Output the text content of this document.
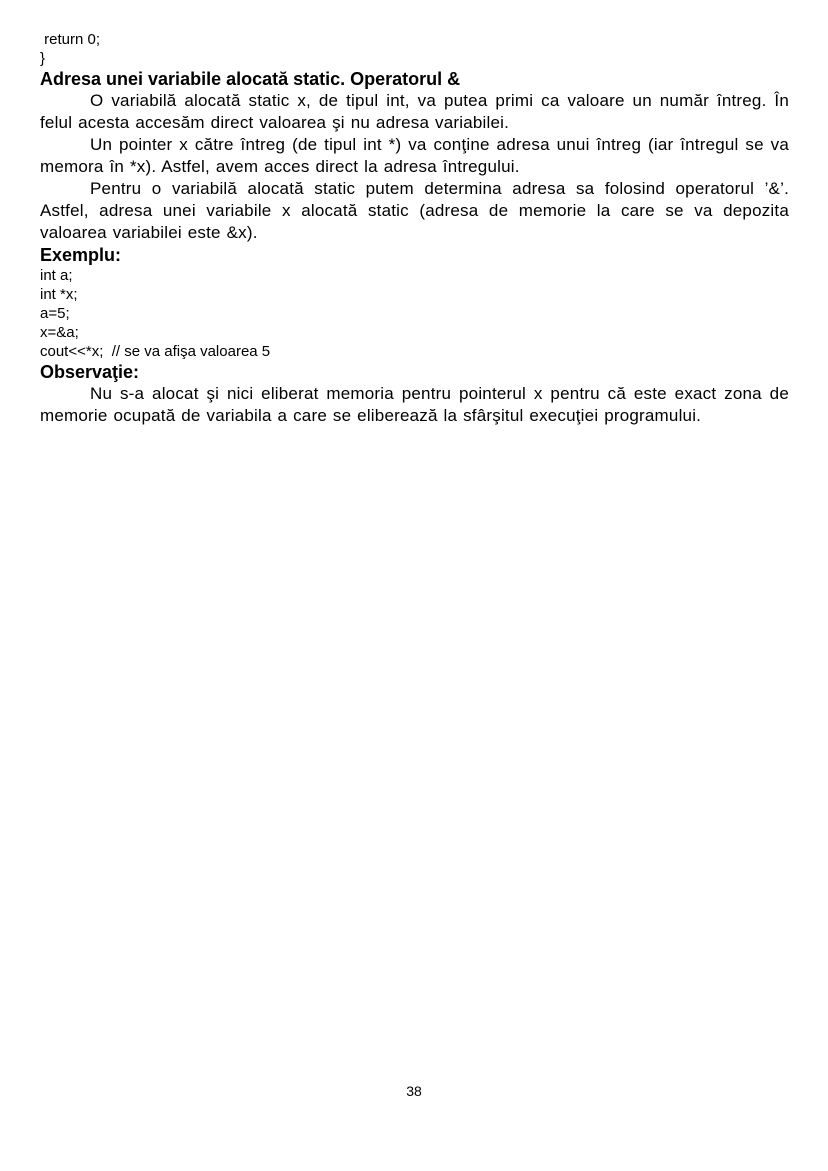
return 0;
}
Adresa unei variabile alocată static. Operatorul &

O variabilă alocată static x, de tipul int, va putea primi ca valoare un număr întreg. În felul acesta accesăm direct valoarea şi nu adresa variabilei.

Un pointer x către întreg (de tipul int *) va conţine adresa unui întreg (iar întregul se va memora în *x). Astfel, avem acces direct la adresa întregului.

Pentru o variabilă alocată static putem determina adresa sa folosind operatorul ’&’. Astfel, adresa unei variabile x alocată static (adresa de memorie la care se va depozita valoarea variabilei este &x).

Exemplu:
int a;
int *x;
a=5;
x=&a;
cout<<*x;  // se va afişa valoarea 5
Observaţie:

Nu s-a alocat şi nici eliberat memoria pentru pointerul x pentru că este exact zona de memorie ocupată de variabila a care se eliberează la sfârşitul execuţiei programului.

38
